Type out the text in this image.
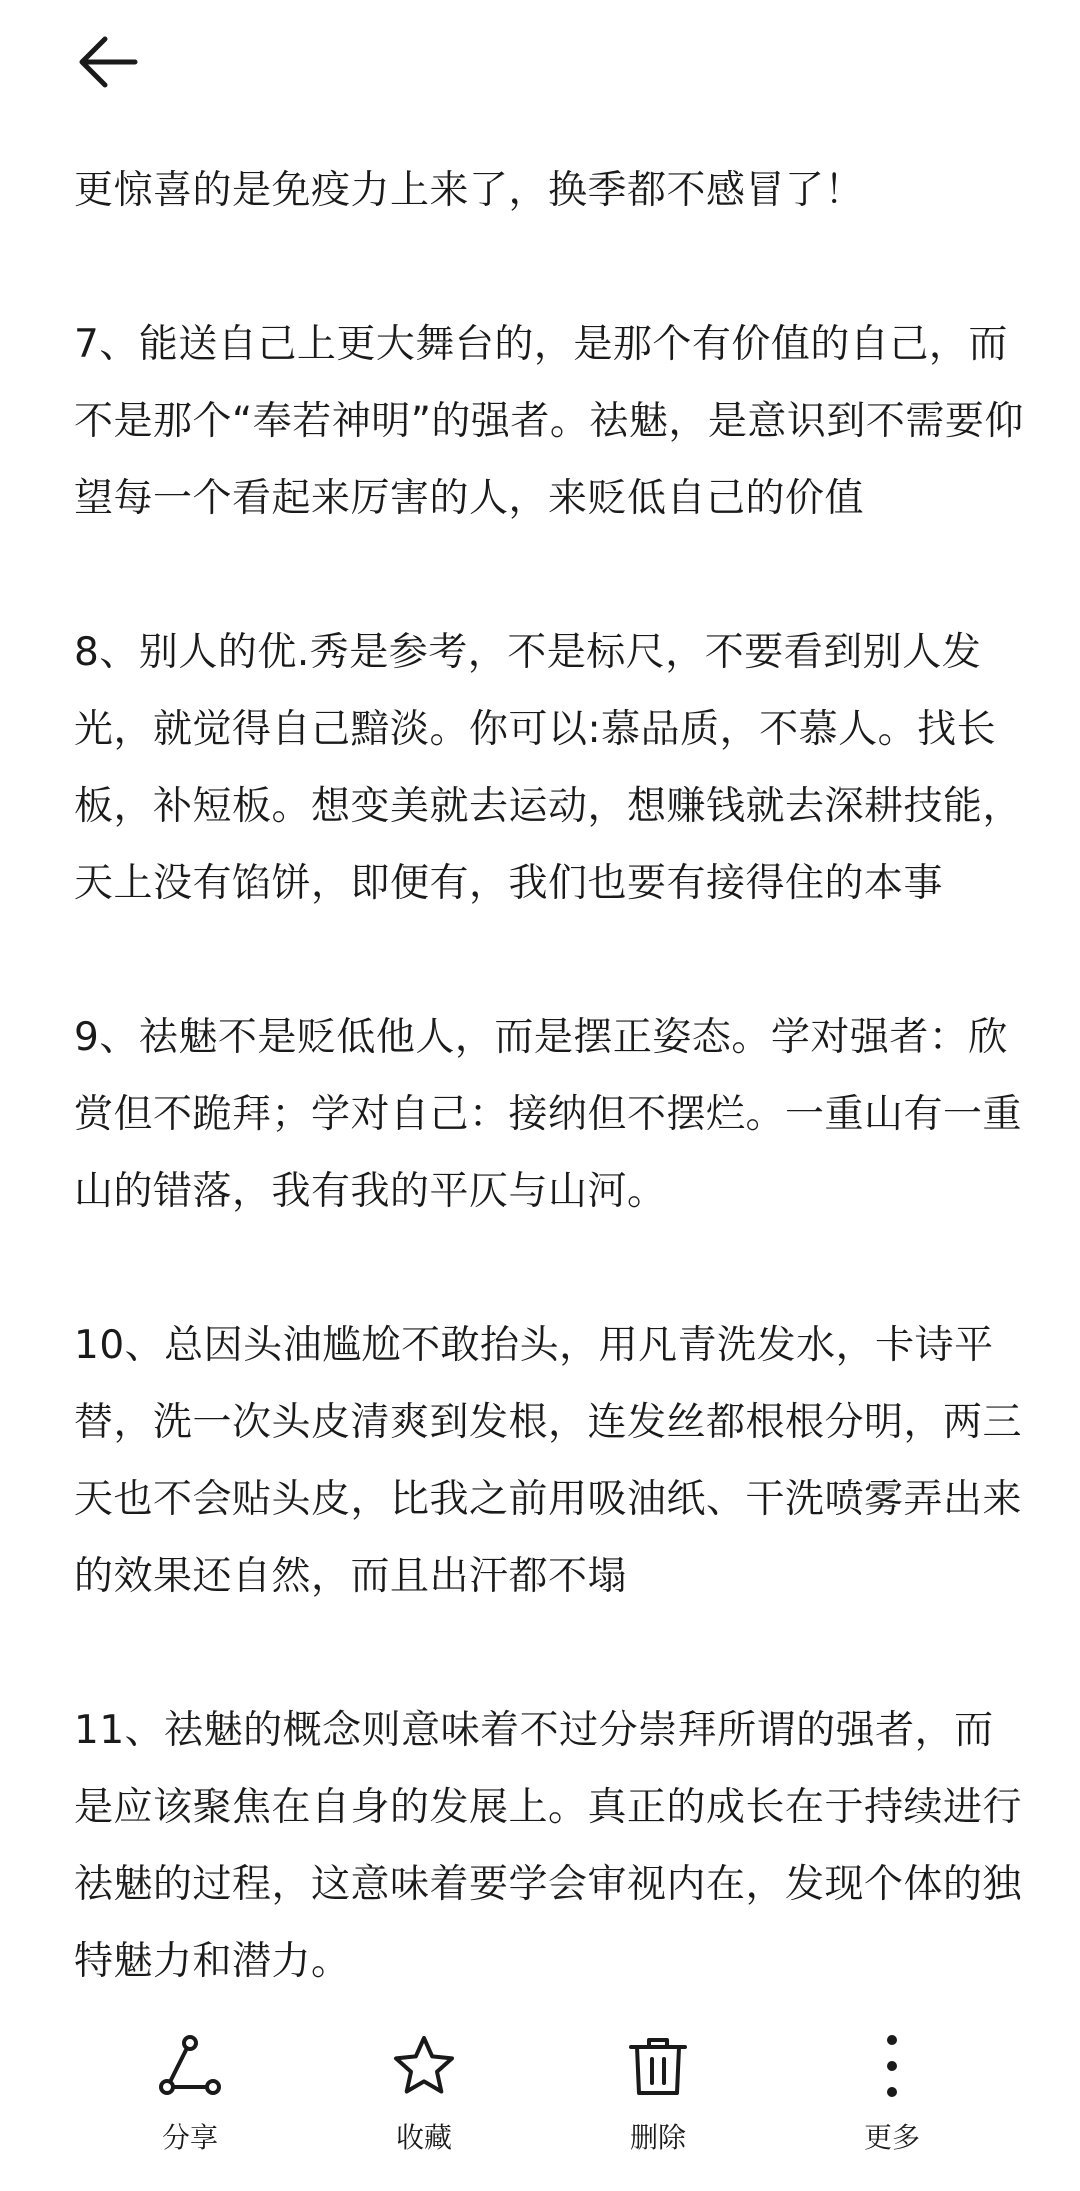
更惊喜的是免疫力上来了，换季都不感冒了！

7、能送自己上更大舞台的，是那个有价值的自己，而不是那个“奉若神明”的强者。祛魅，是意识到不需要仰望每一个看起来厉害的人，来贬低自己的价值

8、别人的优.秀是参考，不是标尺，不要看到别人发光，就觉得自己黯淡。你可以:慕品质，不慕人。找长板，补短板。想变美就去运动，想赚钱就去深耕技能，天上没有馅饼，即便有，我们也要有接得住的本事

9、祛魅不是贬低他人，而是摆正姿态。学对强者：欣赏但不跪拜；学对自己：接纳但不摆烂。一重山有一重山的错落，我有我的平仄与山河。

10、总因头油尴尬不敢抬头，用凡青洗发水，卡诗平替，洗一次头皮清爽到发根，连发丝都根根分明，两三天也不会贴头皮，比我之前用吸油纸、干洗喷雾弄出来的效果还自然，而且出汗都不塌

11、祛魅的概念则意味着不过分崇拜所谓的强者，而是应该聚焦在自身的发展上。真正的成长在于持续进行祛魅的过程，这意味着要学会审视内在，发现个体的独特魅力和潜力。

分享	收藏	删除	更多
